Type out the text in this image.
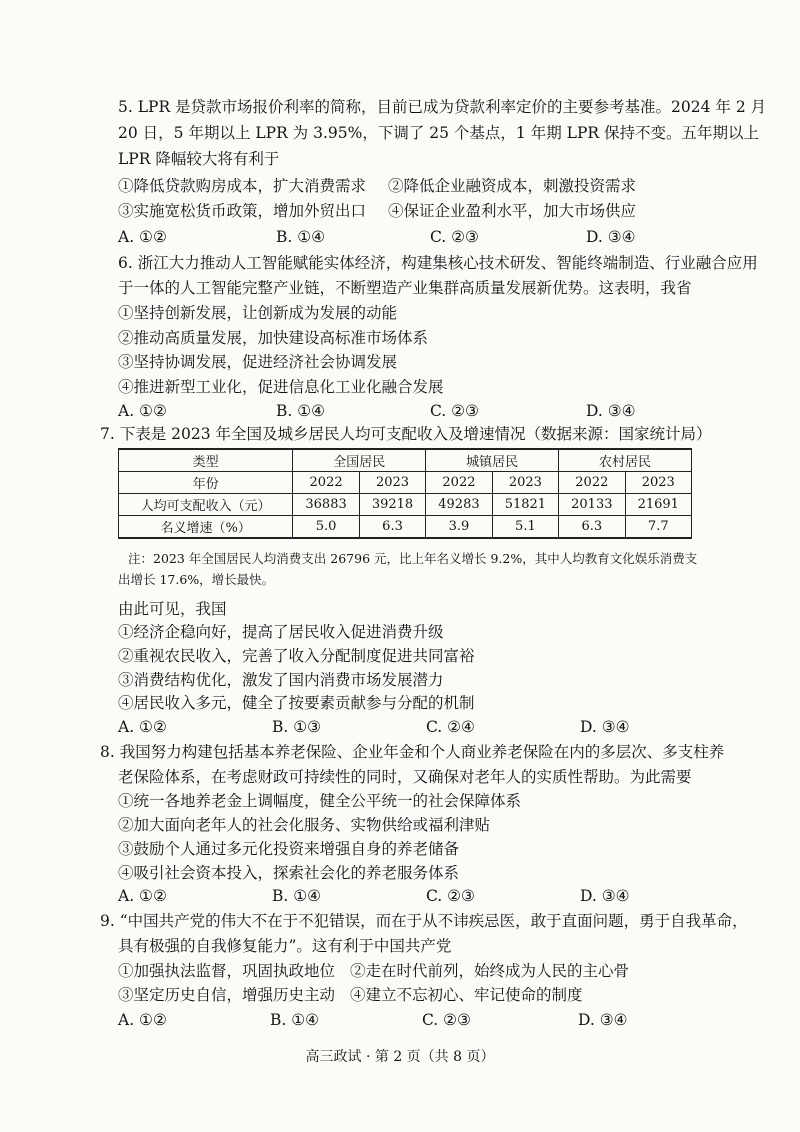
5. LPR 是贷款市场报价利率的简称，目前已成为贷款利率定价的主要参考基准。2024 年 2 月
20 日，5 年期以上 LPR 为 3.95%，下调了 25 个基点，1 年期 LPR 保持不变。五年期以上
LPR 降幅较大将有利于
①降低贷款购房成本，扩大消费需求 ②降低企业融资成本，刺激投资需求
③实施宽松货币政策，增加外贸出口 ④保证企业盈利水平，加大市场供应
A. ①②	B. ①④	C. ②③	D. ③④
6. 浙江大力推动人工智能赋能实体经济，构建集核心技术研发、智能终端制造、行业融合应用
于一体的人工智能完整产业链，不断塑造产业集群高质量发展新优势。这表明，我省
①坚持创新发展，让创新成为发展的动能
②推动高质量发展，加快建设高标准市场体系
③坚持协调发展，促进经济社会协调发展
④推进新型工业化，促进信息化工业化融合发展
A. ①②	B. ①④	C. ②③	D. ③④
7. 下表是 2023 年全国及城乡居民人均可支配收入及增速情况（数据来源：国家统计局）
类型	全国居民		城镇居民		农村居民	
年份	2022	2023	2022	2023	2022	2023
人均可支配收入（元）	36883	39218	49283	51821	20133	21691
名义增速（%）	5.0	6.3	3.9	5.1	6.3	7.7
注：2023 年全国居民人均消费支出 26796 元，比上年名义增长 9.2%，其中人均教育文化娱乐消费支
出增长 17.6%，增长最快。
由此可见，我国
①经济企稳向好，提高了居民收入促进消费升级
②重视农民收入，完善了收入分配制度促进共同富裕
③消费结构优化，激发了国内消费市场发展潜力
④居民收入多元，健全了按要素贡献参与分配的机制
A. ①②	B. ①③	C. ②④	D. ③④
8. 我国努力构建包括基本养老保险、企业年金和个人商业养老保险在内的多层次、多支柱养
老保险体系，在考虑财政可持续性的同时，又确保对老年人的实质性帮助。为此需要
①统一各地养老金上调幅度，健全公平统一的社会保障体系
②加大面向老年人的社会化服务、实物供给或福利津贴
③鼓励个人通过多元化投资来增强自身的养老储备
④吸引社会资本投入，探索社会化的养老服务体系
A. ①②	B. ①④	C. ②③	D. ③④
9. “中国共产党的伟大不在于不犯错误，而在于从不讳疾忌医，敢于直面问题，勇于自我革命，
具有极强的自我修复能力”。这有利于中国共产党
①加强执法监督，巩固执政地位 ②走在时代前列，始终成为人民的主心骨
③坚定历史自信，增强历史主动 ④建立不忘初心、牢记使命的制度
A. ①②	B. ①④	C. ②③	D. ③④
高三政试 · 第 2 页（共 8 页）
